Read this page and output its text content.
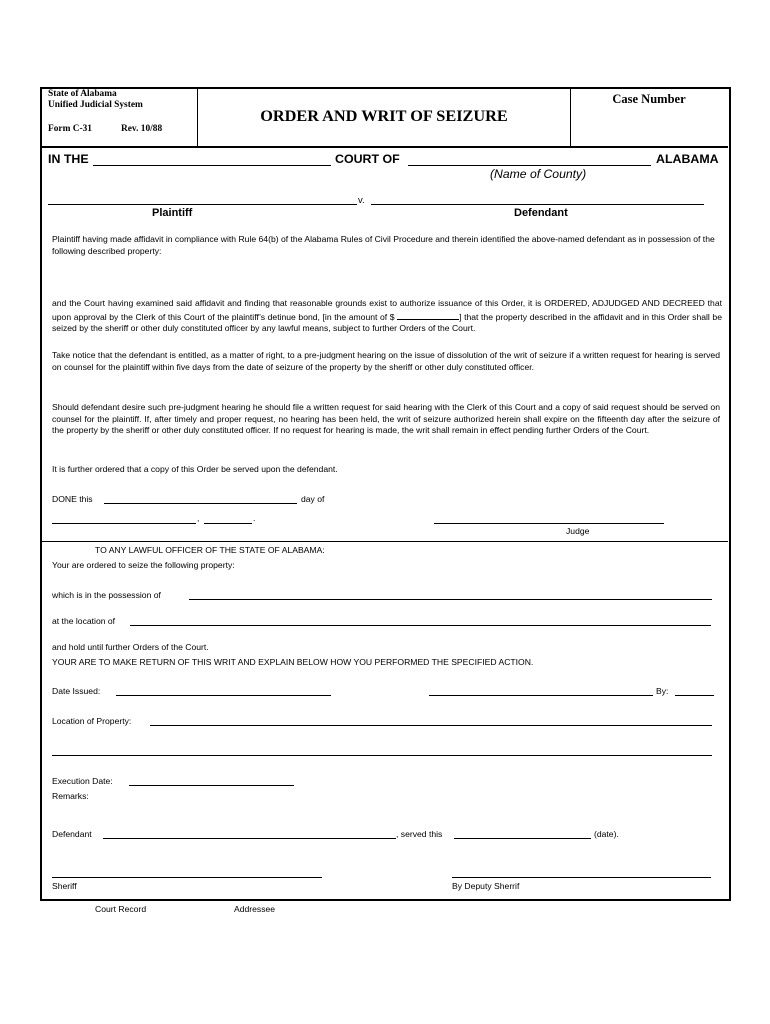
State of Alabama
Unified Judicial System
Form C-31	Rev. 10/88
ORDER AND WRIT OF SEIZURE
Case Number
IN THE	COURT OF	ALABAMA
(Name of County)
v.
Plaintiff	Defendant

Plaintiff having made affidavit in compliance with Rule 64(b) of the Alabama Rules of Civil Procedure and therein identified the above-named defendant as in possession of the following described property:

and the Court having examined said affidavit and finding that reasonable grounds exist to authorize issuance of this Order, it is ORDERED, ADJUDGED AND DECREED that upon approval by the Clerk of this Court of the plaintiff’s detinue bond, [in the amount of $	] that the property described in the affidavit and in this Order shall be seized by the sheriff or other duly constituted officer by any lawful means, subject to further Orders of the Court.

Take notice that the defendant is entitled, as a matter of right, to a pre-judgment hearing on the issue of dissolution of the writ of seizure if a written request for hearing is served on counsel for the plaintiff within five days from the date of seizure of the property by the sheriff or other duly constituted officer.

Should defendant desire such pre-judgment hearing he should file a written request for said hearing with the Clerk of this Court and a copy of said request should be served on counsel for the plaintiff. If, after timely and proper request, no hearing has been held, the writ of seizure authorized herein shall expire on the fifteenth day after the seizure of the property by the sheriff or other duly constituted officer. If no request for hearing is made, the writ shall remain in effect pending further Orders of the Court.

It is further ordered that a copy of this Order be served upon the defendant.

DONE this	day of
,	.
Judge
TO ANY LAWFUL OFFICER OF THE STATE OF ALABAMA:
Your are ordered to seize the following property:
which is in the possession of
at the location of
and hold until further Orders of the Court.
YOUR ARE TO MAKE RETURN OF THIS WRIT AND EXPLAIN BELOW HOW YOU PERFORMED THE SPECIFIED ACTION.
Date Issued:	By:
Location of Property:
Execution Date:
Remarks:
Defendant	, served this	(date).
Sheriff	By Deputy Sherrif
Court Record	Addressee
